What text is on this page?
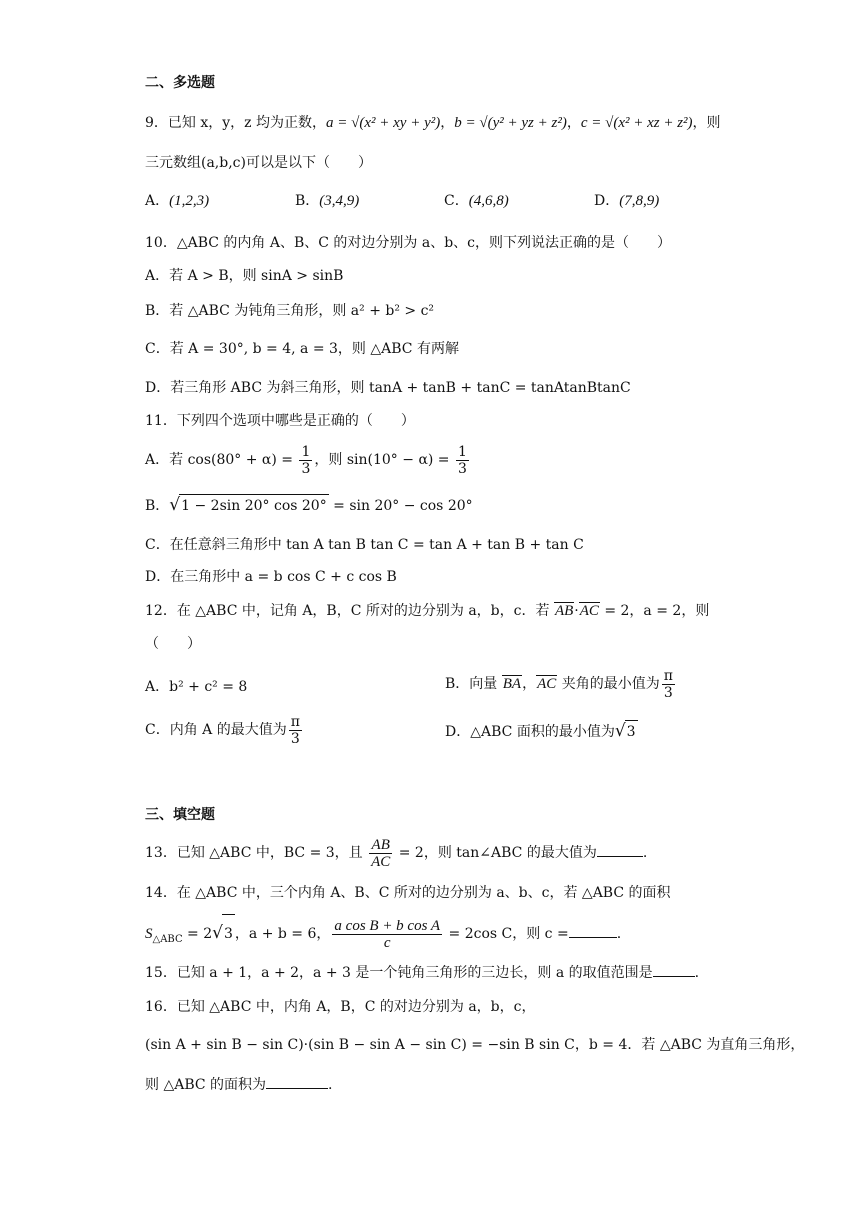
二、多选题
9．已知 x，y，z 均为正数，a = √(x² + xy + y²)，b = √(y² + yz + z²)，c = √(x² + xz + z²)，则
三元数组(a,b,c)可以是以下（　　）
A．(1,2,3)	B．(3,4,9)	C．(4,6,8)	D．(7,8,9)
10．△ABC 的内角 A、B、C 的对边分别为 a、b、c，则下列说法正确的是（　　）
A．若 A > B，则 sinA > sinB
B．若 △ABC 为钝角三角形，则 a² + b² > c²
C．若 A = 30°, b = 4, a = 3，则 △ABC 有两解
D．若三角形 ABC 为斜三角形，则 tanA + tanB + tanC = tanAtanBtanC
11．下列四个选项中哪些是正确的（　　）
A．若 $\cos(80^\circ + \alpha) = \frac{1}{3}$ ，则 $\sin(10^\circ - \alpha) = \frac{1}{3}$
B．√1 − 2sin 20° cos 20° = sin 20° − cos 20°
C．在任意斜三角形中 tan A tan B tan C = tan A + tan B + tan C
D．在三角形中 a = b cos C + c cos B
12．在 △ABC 中，记角 A，B，C 所对的边分别为 a，b，c．若 AB·AC = 2，a = 2，则
（　　）
A．b² + c² = 8	B．向量 BA，AC 夹角的最小值为 $\frac{\pi}{3}$
C．内角 A 的最大值为 $\frac{\pi}{3}$	D．△ABC 面积的最小值为√3
三、填空题
13．已知 △ABC 中，BC = 3，且 $\frac{AB}{AC} = 2$，则 tan∠ABC 的最大值为	.
14．在 △ABC 中，三个内角 A、B、C 所对的边分别为 a、b、c，若 △ABC 的面积
$S_{\triangle ABC} = 2√3$ ，a + b = 6， $\frac{\text{a cos B + b cos A}}{c} = 2\cos$ C，则 c =	.
15．已知 a + 1，a + 2，a + 3 是一个钝角三角形的三边长，则 a 的取值范围是	.
16．已知 △ABC 中，内角 A，B，C 的对边分别为 a，b，c，
(sin A + sin B − sin C)·(sin B − sin A − sin C) = −sin B sin C，b = 4．若 △ABC 为直角三角形，
则 △ABC 的面积为	.
